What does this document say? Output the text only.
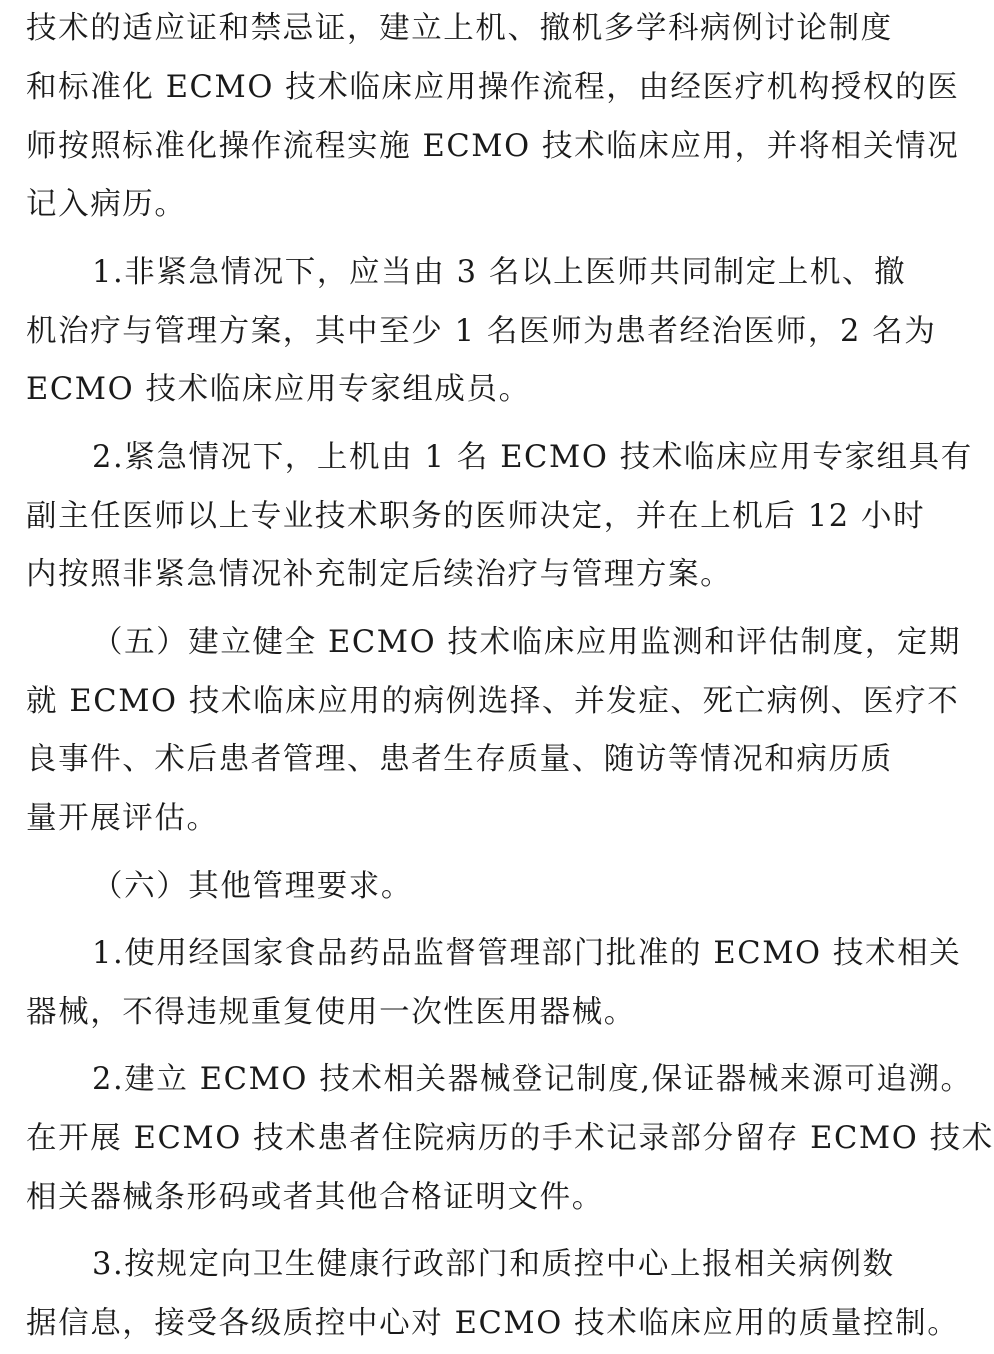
技术的适应证和禁忌证，建立上机、撤机多学科病例讨论制度
和标准化 ECMO 技术临床应用操作流程，由经医疗机构授权的医
师按照标准化操作流程实施 ECMO 技术临床应用，并将相关情况
记入病历。
1.非紧急情况下，应当由 3 名以上医师共同制定上机、撤
机治疗与管理方案，其中至少 1 名医师为患者经治医师，2 名为
ECMO 技术临床应用专家组成员。
2.紧急情况下，上机由 1 名 ECMO 技术临床应用专家组具有
副主任医师以上专业技术职务的医师决定，并在上机后 12 小时
内按照非紧急情况补充制定后续治疗与管理方案。
（五）建立健全 ECMO 技术临床应用监测和评估制度，定期
就 ECMO 技术临床应用的病例选择、并发症、死亡病例、医疗不
良事件、术后患者管理、患者生存质量、随访等情况和病历质
量开展评估。
（六）其他管理要求。
1.使用经国家食品药品监督管理部门批准的 ECMO 技术相关
器械，不得违规重复使用一次性医用器械。
2.建立 ECMO 技术相关器械登记制度,保证器械来源可追溯。
在开展 ECMO 技术患者住院病历的手术记录部分留存 ECMO 技术
相关器械条形码或者其他合格证明文件。
3.按规定向卫生健康行政部门和质控中心上报相关病例数
据信息，接受各级质控中心对 ECMO 技术临床应用的质量控制。
